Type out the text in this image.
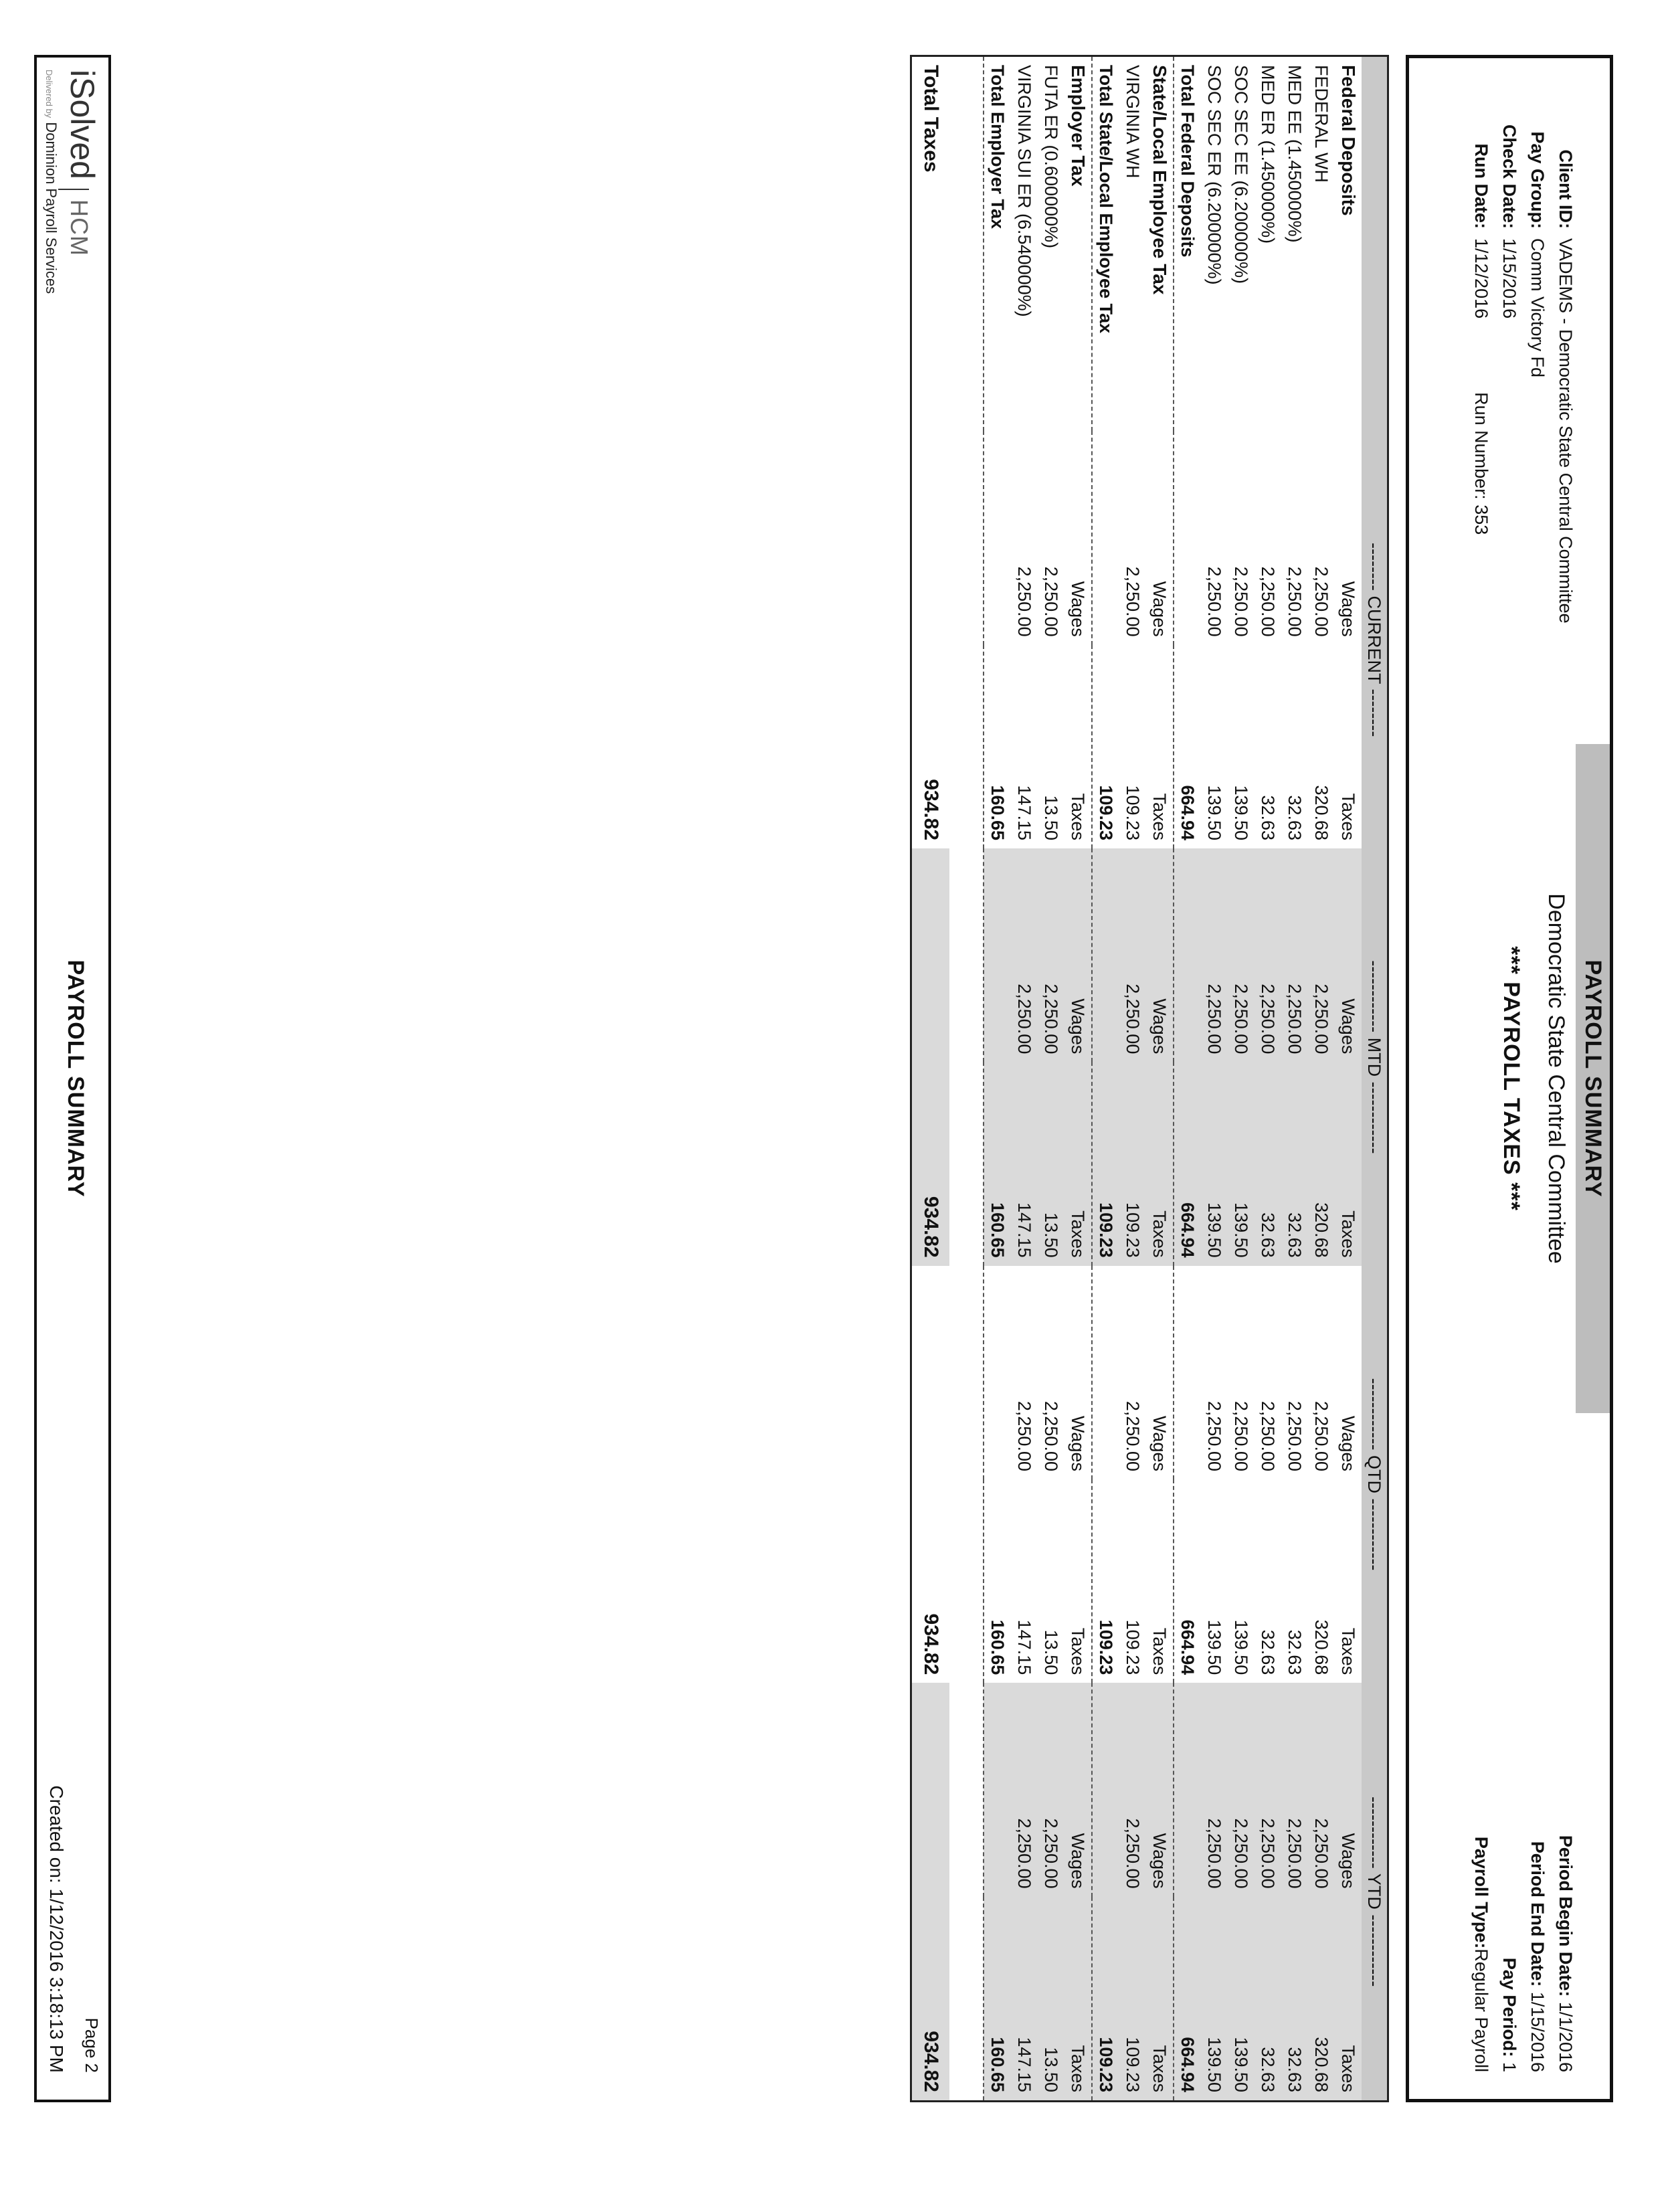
Client ID:
VADEMS - Democratic State Central Committee
Pay Group:
Comm Victory Fd
Check Date:
1/15/2016
Run Date:
1/12/2016
Run Number: 353
PAYROLL SUMMARY
Democratic State Central Committee
*** PAYROLL TAXES ***
Period Begin Date: 1/1/2016
Period End Date: 1/15/2016
Pay Period: 1
Payroll Type:Regular Payroll
	-------- CURRENT --------		------------ MTD ------------		------------ QTD ------------		------------ YTD ------------	
Federal Deposits	Wages	Taxes	Wages	Taxes	Wages	Taxes	Wages	Taxes
FEDERAL WH	2,250.00	320.68	2,250.00	320.68	2,250.00	320.68	2,250.00	320.68
MED EE (1.450000%)	2,250.00	32.63	2,250.00	32.63	2,250.00	32.63	2,250.00	32.63
MED ER (1.450000%)	2,250.00	32.63	2,250.00	32.63	2,250.00	32.63	2,250.00	32.63
SOC SEC EE (6.200000%)	2,250.00	139.50	2,250.00	139.50	2,250.00	139.50	2,250.00	139.50
SOC SEC ER (6.200000%)	2,250.00	139.50	2,250.00	139.50	2,250.00	139.50	2,250.00	139.50
Total Federal Deposits		664.94		664.94		664.94		664.94
State/Local Employee Tax	Wages	Taxes	Wages	Taxes	Wages	Taxes	Wages	Taxes
VIRGINIA WH	2,250.00	109.23	2,250.00	109.23	2,250.00	109.23	2,250.00	109.23
Total State/Local Employee Tax		109.23		109.23		109.23		109.23
Employer Tax	Wages	Taxes	Wages	Taxes	Wages	Taxes	Wages	Taxes
FUTA ER (0.600000%)	2,250.00	13.50	2,250.00	13.50	2,250.00	13.50	2,250.00	13.50
VIRGINIA SUI ER (6.540000%)	2,250.00	147.15	2,250.00	147.15	2,250.00	147.15	2,250.00	147.15
Total Employer Tax		160.65		160.65		160.65		160.65

Total Taxes		934.82		934.82		934.82		934.82
iSolvedHCM
Delivered by Dominion Payroll Services
PAYROLL SUMMARY
Page 2
Created on: 1/12/2016 3:18:13 PM
